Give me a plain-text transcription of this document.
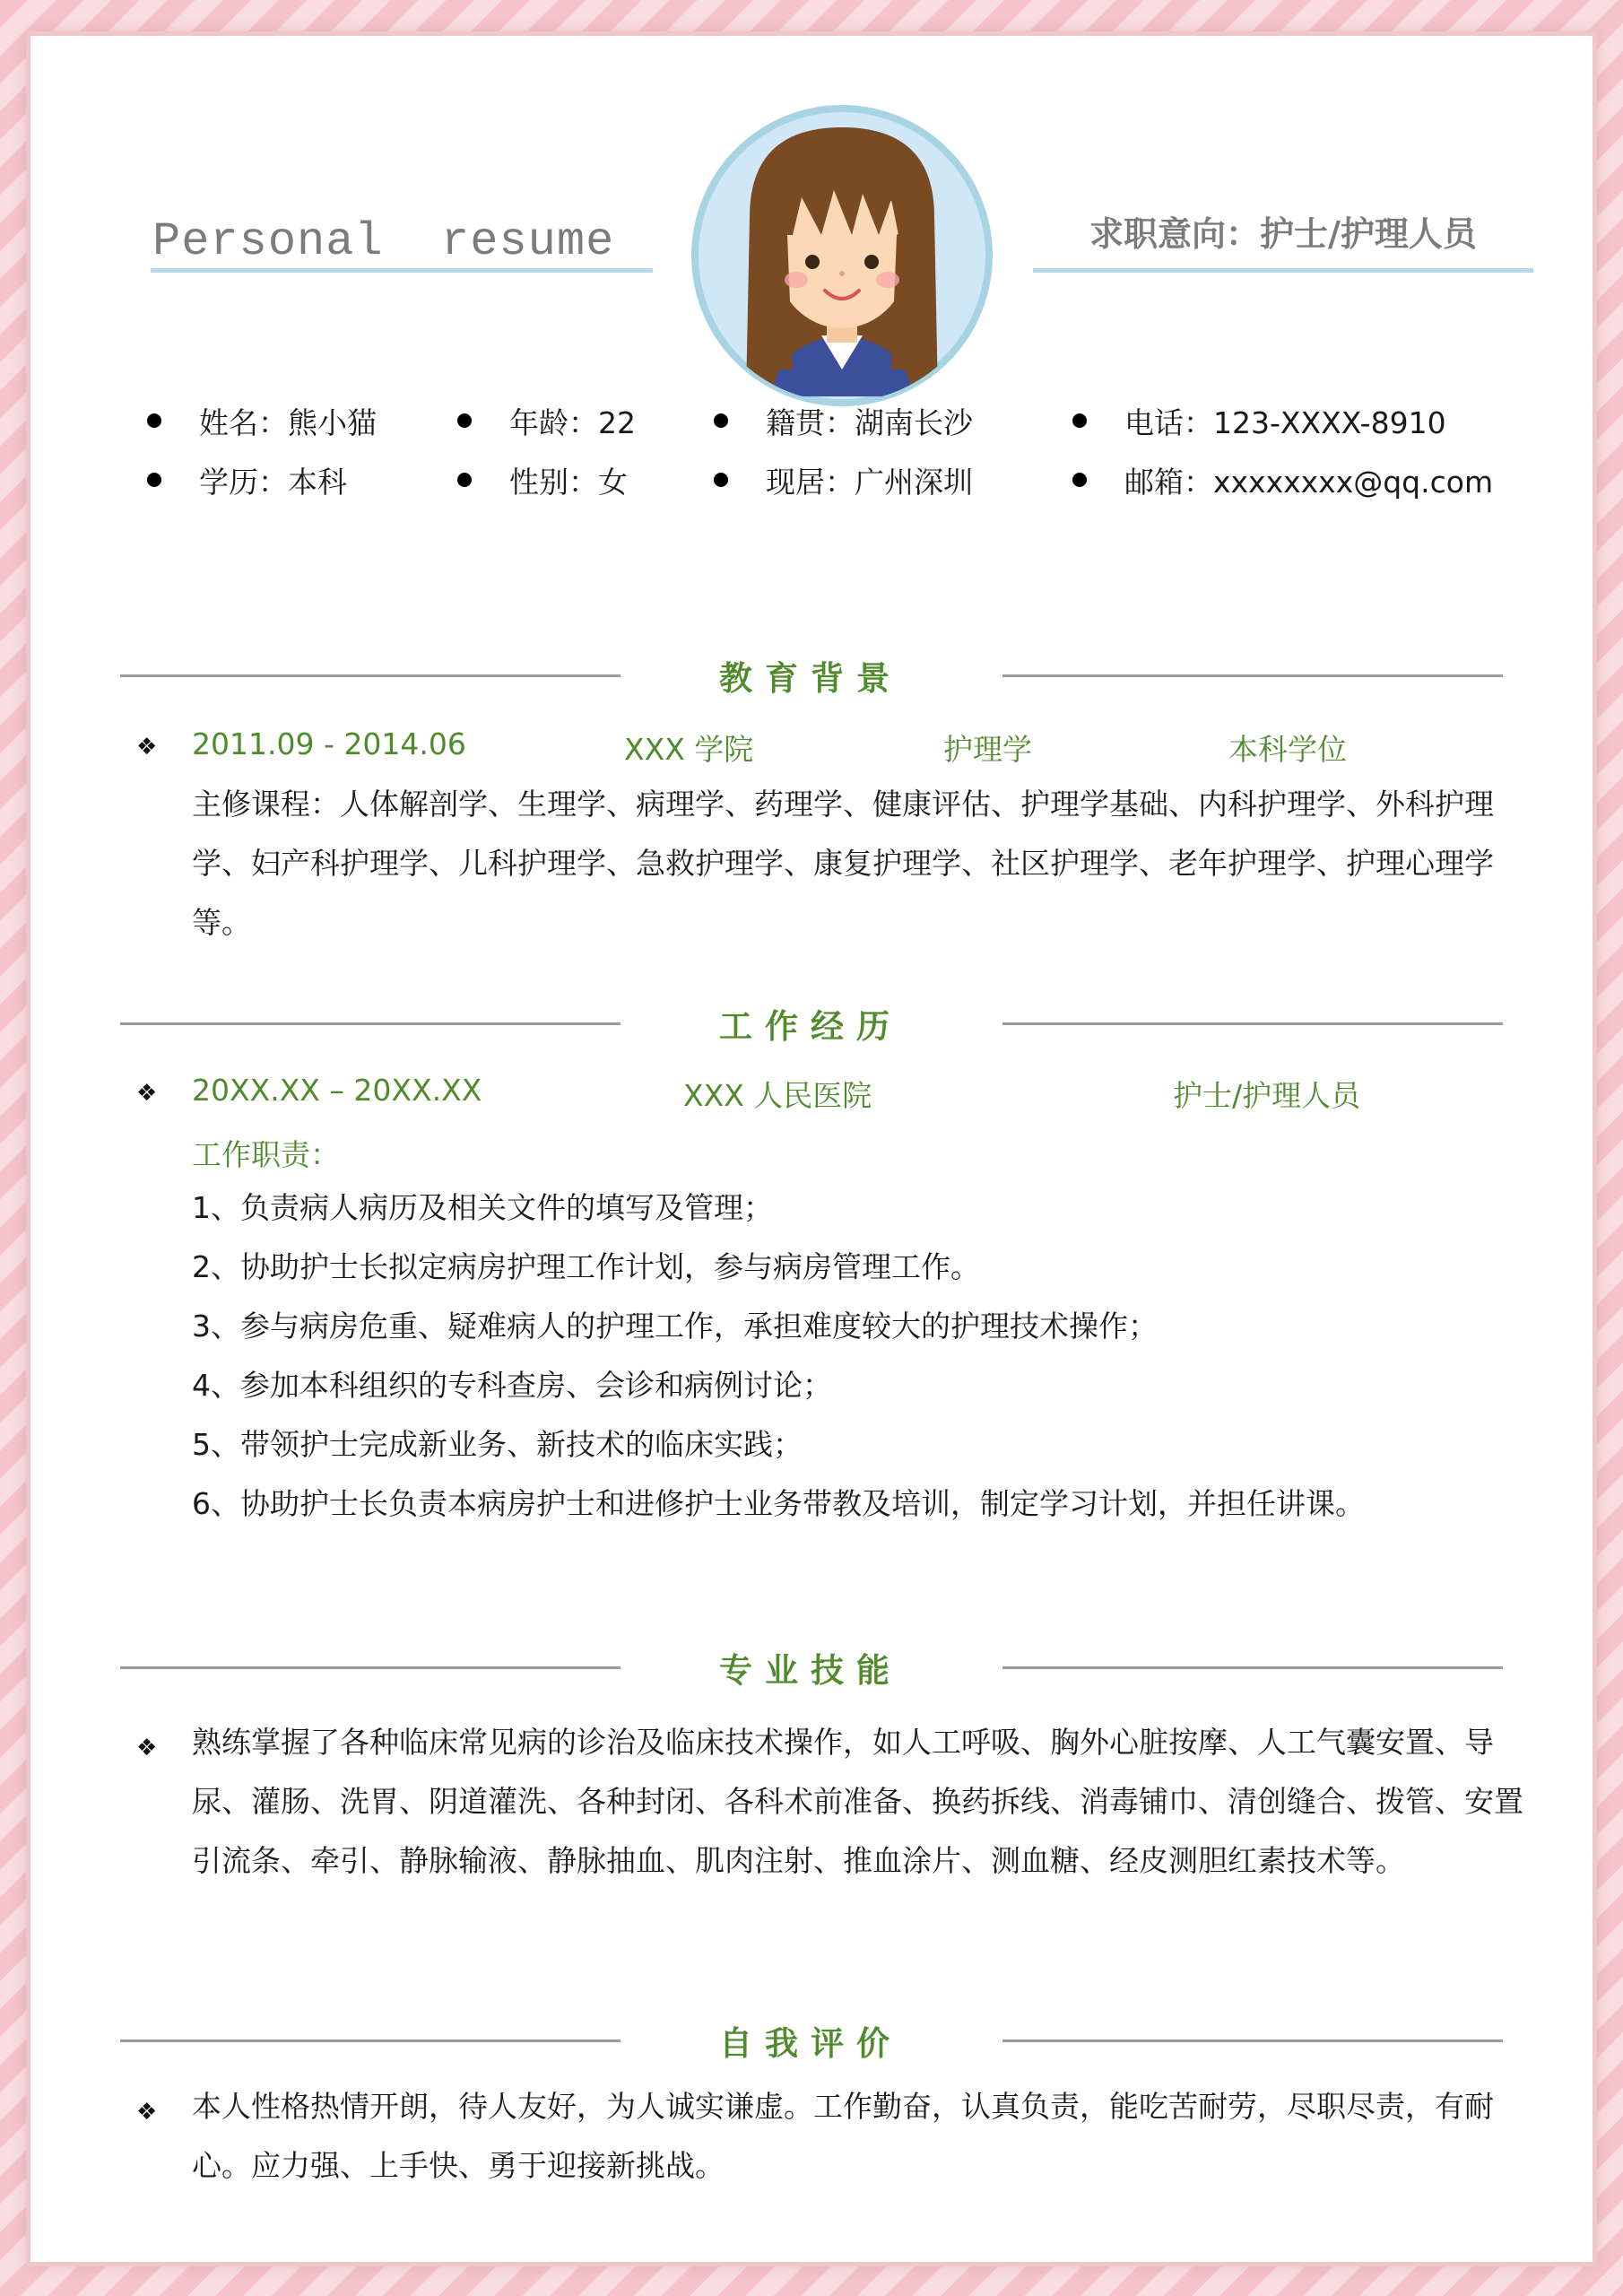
Personal  resume	求职意向：护士/护理人员
姓名：熊小猫	年龄：22	籍贯：湖南长沙	电话：123-XXXX-8910
学历：本科	性别：女	现居：广州深圳	邮箱：xxxxxxxx@qq.com
教育背景
❖ 2011.09 - 2014.06	XXX 学院	护理学	本科学位
主修课程：人体解剖学、生理学、病理学、药理学、健康评估、护理学基础、内科护理学、外科护理
学、妇产科护理学、儿科护理学、急救护理学、康复护理学、社区护理学、老年护理学、护理心理学
等。
工作经历
❖ 20XX.XX – 20XX.XX	XXX 人民医院	护士/护理人员
工作职责：
1、负责病人病历及相关文件的填写及管理；
2、协助护士长拟定病房护理工作计划，参与病房管理工作。
3、参与病房危重、疑难病人的护理工作，承担难度较大的护理技术操作；
4、参加本科组织的专科查房、会诊和病例讨论；
5、带领护士完成新业务、新技术的临床实践；
6、协助护士长负责本病房护士和进修护士业务带教及培训，制定学习计划，并担任讲课。
专业技能
❖ 熟练掌握了各种临床常见病的诊治及临床技术操作，如人工呼吸、胸外心脏按摩、人工气囊安置、导
尿、灌肠、洗胃、阴道灌洗、各种封闭、各科术前准备、换药拆线、消毒铺巾、清创缝合、拨管、安置
引流条、牵引、静脉输液、静脉抽血、肌肉注射、推血涂片、测血糖、经皮测胆红素技术等。
自我评价
❖ 本人性格热情开朗，待人友好，为人诚实谦虚。工作勤奋，认真负责，能吃苦耐劳，尽职尽责，有耐
心。应力强、上手快、勇于迎接新挑战。
